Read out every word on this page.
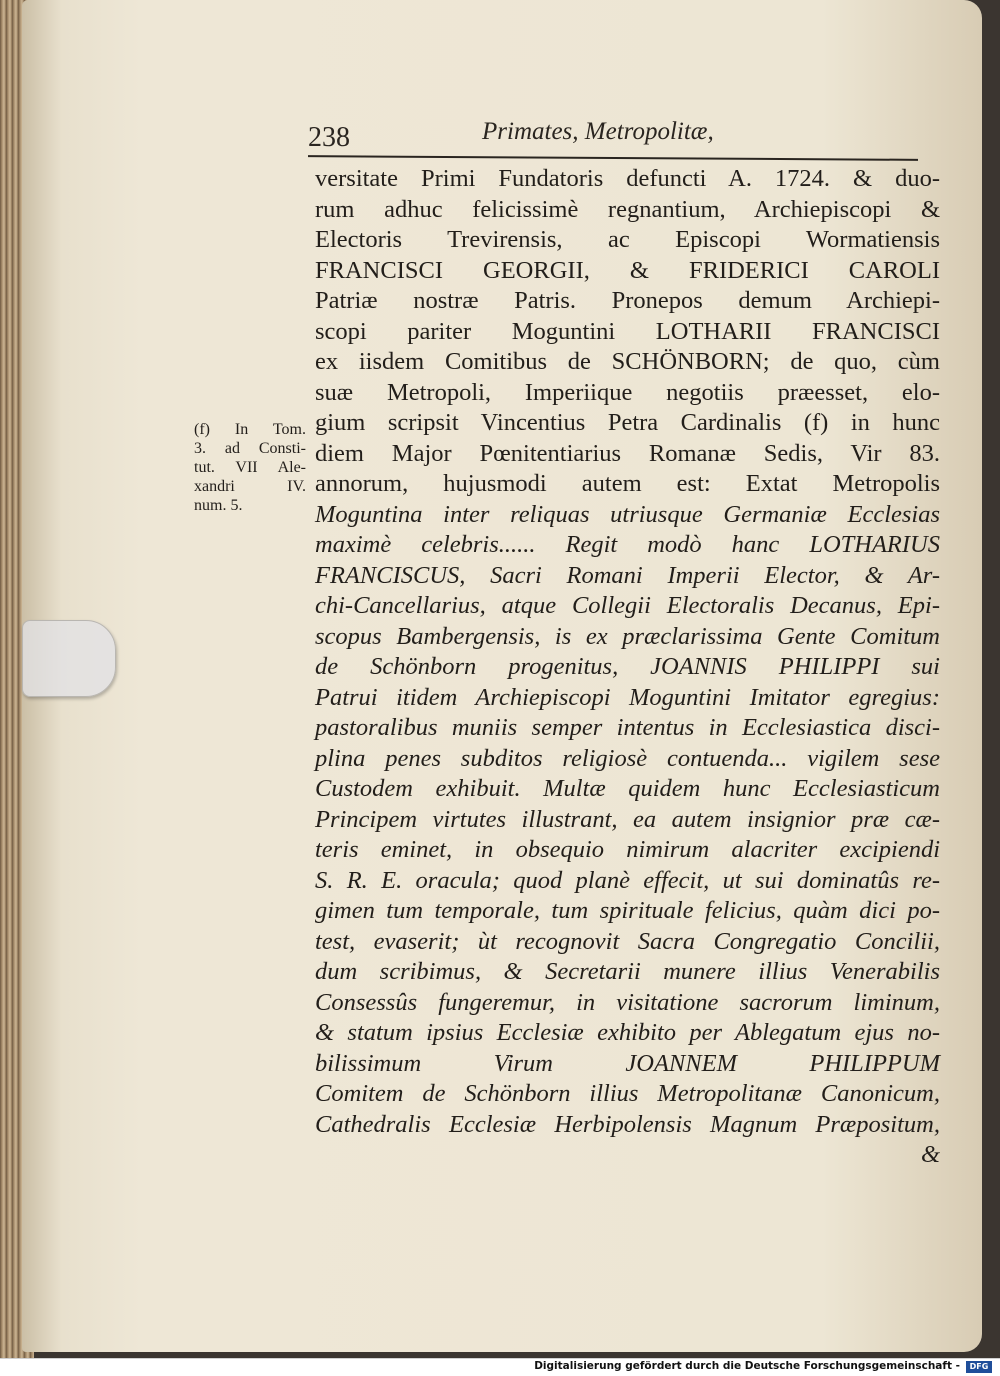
238	Primates, Metropolitæ,
(f) In Tom.
3. ad Consti-
tut. VII Ale-
xandri IV.
num. 5.
versitate Primi Fundatoris defuncti A. 1724. & duo-
rum adhuc felicissimè regnantium, Archiepiscopi &
Electoris Trevirensis, ac Episcopi Wormatiensis
FRANCISCI GEORGII, & FRIDERICI CAROLI
Patriæ nostræ Patris. Pronepos demum Archiepi-
scopi pariter Moguntini LOTHARII FRANCISCI
ex iisdem Comitibus de SCHÖNBORN; de quo, cùm
suæ Metropoli, Imperiique negotiis præesset, elo-
gium scripsit Vincentius Petra Cardinalis (f) in hunc
diem Major Pœnitentiarius Romanæ Sedis, Vir 83.
annorum, hujusmodi autem est: Extat Metropolis
Moguntina inter reliquas utriusque Germaniæ Ecclesias
maximè celebris...... Regit modò hanc LOTHARIUS
FRANCISCUS, Sacri Romani Imperii Elector, & Ar-
chi-Cancellarius, atque Collegii Electoralis Decanus, Epi-
scopus Bambergensis, is ex præclarissima Gente Comitum
de Schönborn progenitus, JOANNIS PHILIPPI sui
Patrui itidem Archiepiscopi Moguntini Imitator egregius:
pastoralibus muniis semper intentus in Ecclesiastica disci-
plina penes subditos religiosè contuenda... vigilem sese
Custodem exhibuit. Multæ quidem hunc Ecclesiasticum
Principem virtutes illustrant, ea autem insignior præ cæ-
teris eminet, in obsequio nimirum alacriter excipiendi
S. R. E. oracula; quod planè effecit, ut sui dominatûs re-
gimen tum temporale, tum spirituale felicius, quàm dici po-
test, evaserit; ùt recognovit Sacra Congregatio Concilii,
dum scribimus, & Secretarii munere illius Venerabilis
Consessûs fungeremur, in visitatione sacrorum liminum,
& statum ipsius Ecclesiæ exhibito per Ablegatum ejus no-
bilissimum Virum JOANNEM PHILIPPUM
Comitem de Schönborn illius Metropolitanæ Canonicum,
Cathedralis Ecclesiæ Herbipolensis Magnum Præpositum,
&
Digitalisierung gefördert durch die Deutsche Forschungsgemeinschaft -	DFG
